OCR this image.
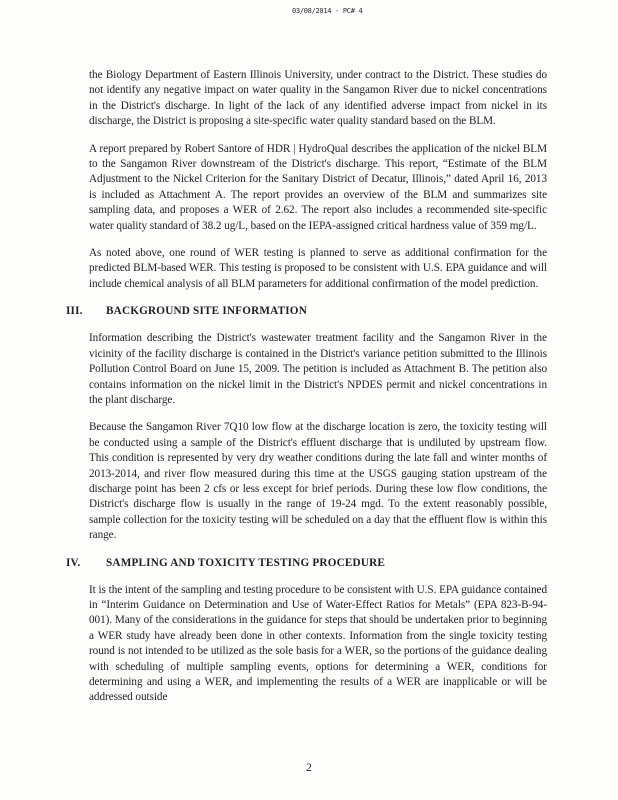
03/08/2014 - PC# 4

the Biology Department of Eastern Illinois University, under contract to the District. These studies do not identify any negative impact on water quality in the Sangamon River due to nickel concentrations in the District's discharge. In light of the lack of any identified adverse impact from nickel in its discharge, the District is proposing a site-specific water quality standard based on the BLM.

A report prepared by Robert Santore of HDR | HydroQual describes the application of the nickel BLM to the Sangamon River downstream of the District's discharge. This report, “Estimate of the BLM Adjustment to the Nickel Criterion for the Sanitary District of Decatur, Illinois,” dated April 16, 2013 is included as Attachment A. The report provides an overview of the BLM and summarizes site sampling data, and proposes a WER of 2.62. The report also includes a recommended site-specific water quality standard of 38.2 ug/L, based on the IEPA-assigned critical hardness value of 359 mg/L.

As noted above, one round of WER testing is planned to serve as additional confirmation for the predicted BLM-based WER. This testing is proposed to be consistent with U.S. EPA guidance and will include chemical analysis of all BLM parameters for additional confirmation of the model prediction.

III. BACKGROUND SITE INFORMATION

Information describing the District's wastewater treatment facility and the Sangamon River in the vicinity of the facility discharge is contained in the District's variance petition submitted to the Illinois Pollution Control Board on June 15, 2009. The petition is included as Attachment B. The petition also contains information on the nickel limit in the District's NPDES permit and nickel concentrations in the plant discharge.

Because the Sangamon River 7Q10 low flow at the discharge location is zero, the toxicity testing will be conducted using a sample of the District's effluent discharge that is undiluted by upstream flow. This condition is represented by very dry weather conditions during the late fall and winter months of 2013-2014, and river flow measured during this time at the USGS gauging station upstream of the discharge point has been 2 cfs or less except for brief periods. During these low flow conditions, the District's discharge flow is usually in the range of 19-24 mgd. To the extent reasonably possible, sample collection for the toxicity testing will be scheduled on a day that the effluent flow is within this range.

IV. SAMPLING AND TOXICITY TESTING PROCEDURE

It is the intent of the sampling and testing procedure to be consistent with U.S. EPA guidance contained in “Interim Guidance on Determination and Use of Water-Effect Ratios for Metals” (EPA 823-B-94-001). Many of the considerations in the guidance for steps that should be undertaken prior to beginning a WER study have already been done in other contexts. Information from the single toxicity testing round is not intended to be utilized as the sole basis for a WER, so the portions of the guidance dealing with scheduling of multiple sampling events, options for determining a WER, conditions for determining and using a WER, and implementing the results of a WER are inapplicable or will be addressed outside

2
